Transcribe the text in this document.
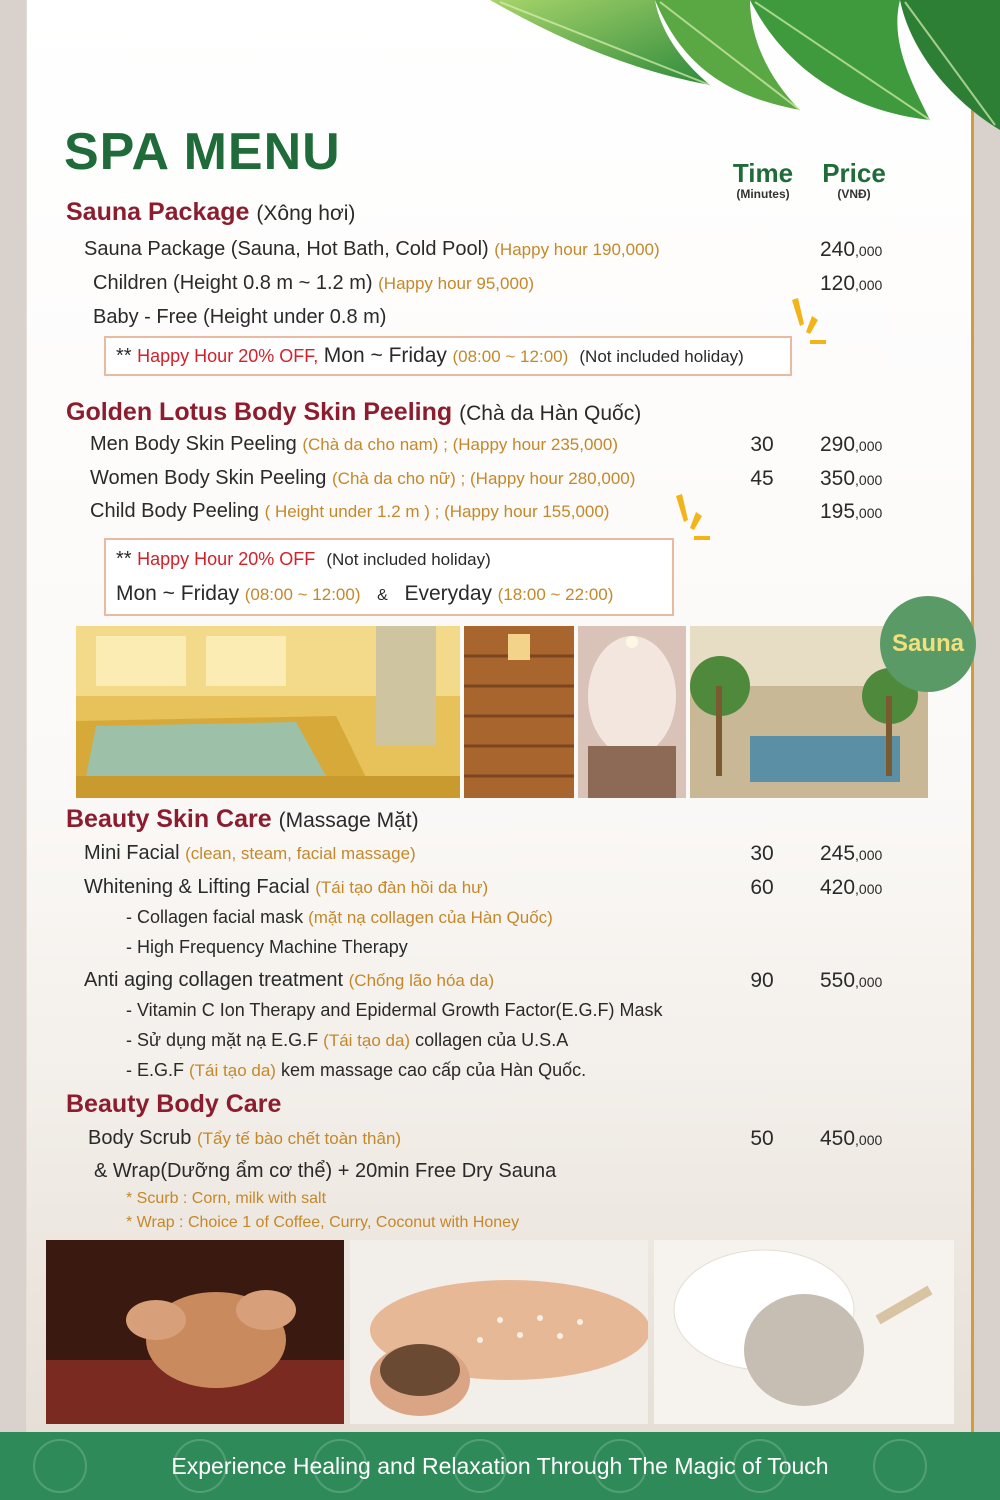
SPA MENU	Time
(Minutes)
Price
(VNĐ)
Sauna Package (Xông hơi)
Sauna Package (Sauna, Hot Bath, Cold Pool) (Happy hour 190,000)	240,000
Children (Height 0.8 m ~ 1.2 m) (Happy hour 95,000)	120,000
Baby - Free (Height under 0.8 m)
** Happy Hour 20% OFF, Mon ~ Friday (08:00 ~ 12:00) (Not included holiday)
Golden Lotus Body Skin Peeling (Chà da Hàn Quốc)
Men Body Skin Peeling (Chà da cho nam) ; (Happy hour 235,000)	30	290,000
Women Body Skin Peeling (Chà da cho nữ) ; (Happy hour 280,000)	45	350,000
Child Body Peeling ( Height under 1.2 m ) ; (Happy hour 155,000)	195,000
** Happy Hour 20% OFF (Not included holiday)
Mon ~ Friday (08:00 ~ 12:00) & Everyday (18:00 ~ 22:00)
Sauna
Beauty Skin Care (Massage Mặt)
Mini Facial (clean, steam, facial massage)	30	245,000
Whitening & Lifting Facial (Tái tạo đàn hồi da hư)	60	420,000
- Collagen facial mask (mặt nạ collagen của Hàn Quốc)
- High Frequency Machine Therapy
Anti aging collagen treatment (Chống lão hóa da)	90	550,000
- Vitamin C Ion Therapy and Epidermal Growth Factor(E.G.F) Mask
- Sử dụng mặt nạ E.G.F (Tái tạo da) collagen của U.S.A
- E.G.F (Tái tạo da) kem massage cao cấp của Hàn Quốc.
Beauty Body Care
Body Scrub (Tẩy tế bào chết toàn thân)	50	450,000
& Wrap(Dưỡng ẩm cơ thể) + 20min Free Dry Sauna
* Scurb : Corn, milk with salt
* Wrap : Choice 1 of Coffee, Curry, Coconut with Honey
Experience Healing and Relaxation Through The Magic of Touch
